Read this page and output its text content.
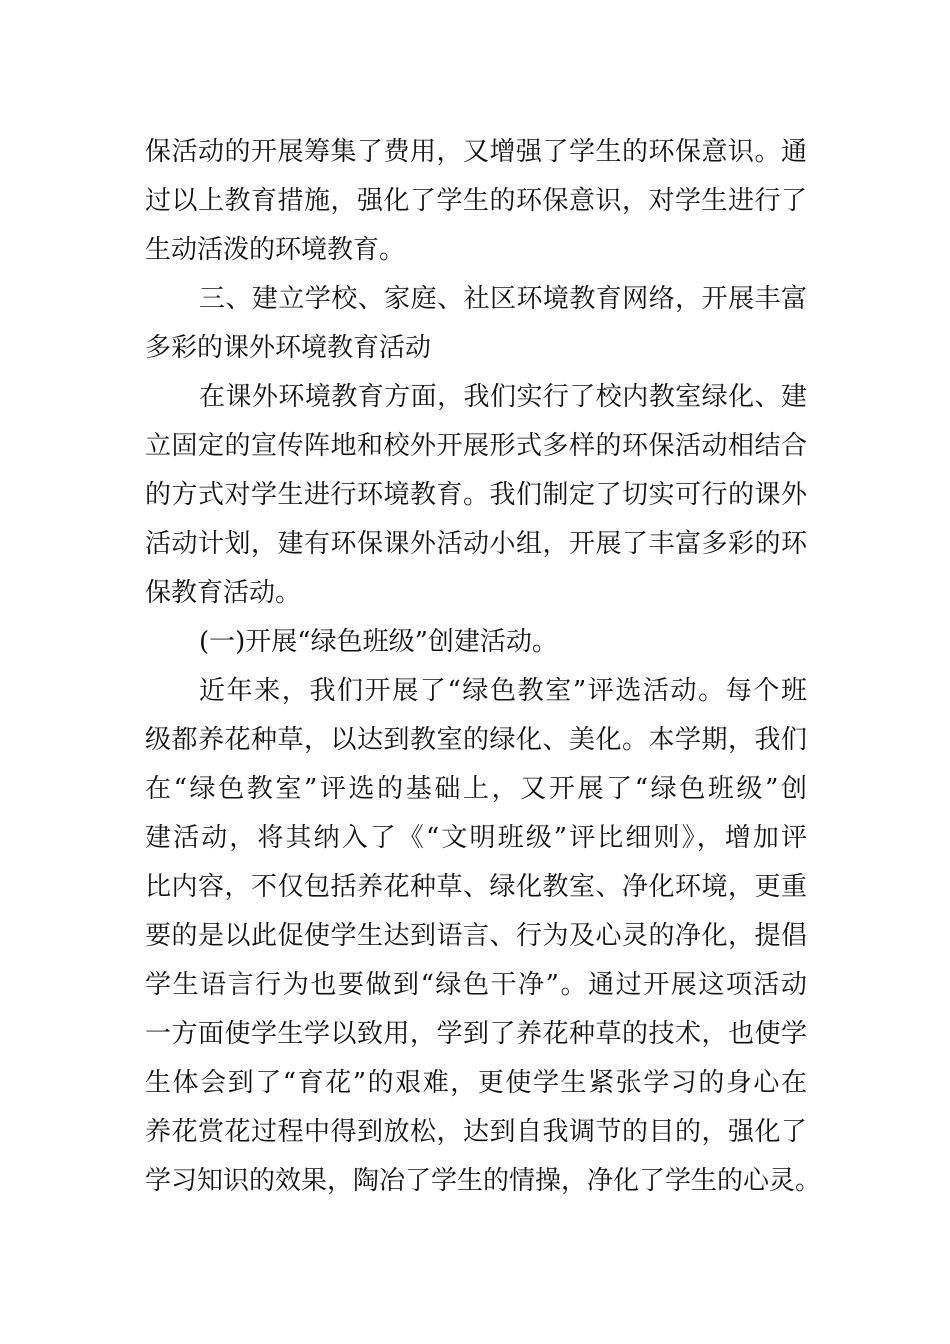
保活动的开展筹集了费用，又增强了学生的环保意识。通
过以上教育措施，强化了学生的环保意识，对学生进行了
生动活泼的环境教育。
三、建立学校、家庭、社区环境教育网络，开展丰富
多彩的课外环境教育活动
在课外环境教育方面，我们实行了校内教室绿化、建
立固定的宣传阵地和校外开展形式多样的环保活动相结合
的方式对学生进行环境教育。我们制定了切实可行的课外
活动计划，建有环保课外活动小组，开展了丰富多彩的环
保教育活动。
(一)开展“绿色班级”创建活动。
近年来，我们开展了“绿色教室”评选活动。每个班
级都养花种草，以达到教室的绿化、美化。本学期，我们
在“绿色教室”评选的基础上，又开展了“绿色班级”创
建活动，将其纳入了《“文明班级”评比细则》，增加评
比内容，不仅包括养花种草、绿化教室、净化环境，更重
要的是以此促使学生达到语言、行为及心灵的净化，提倡
学生语言行为也要做到“绿色干净”。通过开展这项活动
一方面使学生学以致用，学到了养花种草的技术，也使学
生体会到了“育花”的艰难，更使学生紧张学习的身心在
养花赏花过程中得到放松，达到自我调节的目的，强化了
学习知识的效果，陶冶了学生的情操，净化了学生的心灵。
